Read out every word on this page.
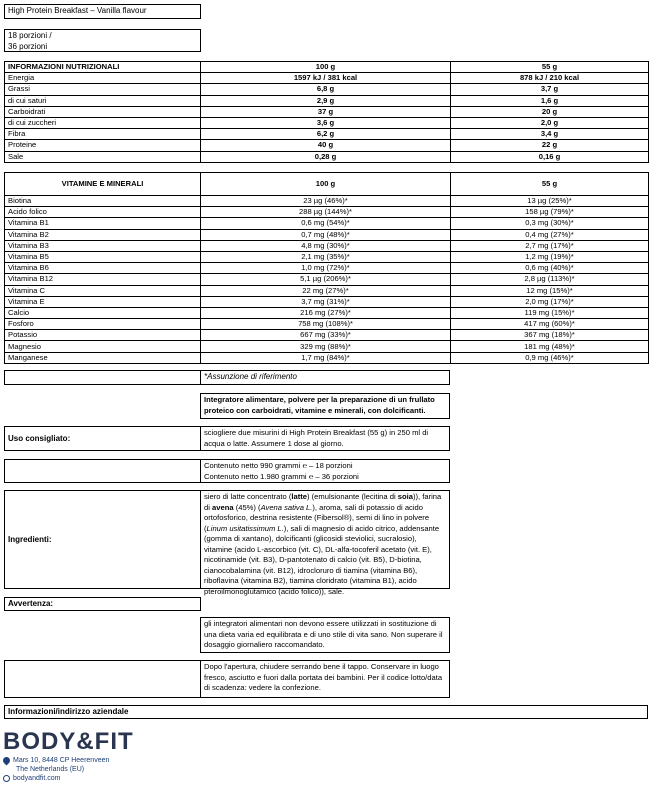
High Protein Breakfast – Vanilla flavour
18 porzioni /
36 porzioni
INFORMAZIONI NUTRIZIONALI	100 g	55 g
Energia	1597 kJ / 381 kcal	878 kJ / 210 kcal
Grassi	6,8 g	3,7 g
di cui saturi	2,9 g	1,6 g
Carboidrati	37 g	20 g
di cui zuccheri	3,6 g	2,0 g
Fibra	6,2 g	3,4 g
Proteine	40 g	22 g
Sale	0,28 g	0,16 g
VITAMINE E MINERALI	100 g	55 g
Biotina	23 µg (46%)*	13 µg (25%)*
Acido folico	288 µg (144%)*	158 µg (79%)*
Vitamina B1	0,6 mg (54%)*	0,3 mg (30%)*
Vitamina B2	0,7 mg (48%)*	0,4 mg (27%)*
Vitamina B3	4,8 mg (30%)*	2,7 mg (17%)*
Vitamina B5	2,1 mg (35%)*	1,2 mg (19%)*
Vitamina B6	1,0 mg (72%)*	0,6 mg (40%)*
Vitamina B12	5,1 µg (206%)*	2,8 µg (113%)*
Vitamina C	22 mg (27%)*	12 mg (15%)*
Vitamina E	3,7 mg (31%)*	2,0 mg (17%)*
Calcio	216 mg (27%)*	119 mg (15%)*
Fosforo	758 mg (108%)*	417 mg (60%)*
Potassio	667 mg (33%)*	367 mg (18%)*
Magnesio	329 mg (88%)*	181 mg (48%)*
Manganese	1,7 mg (84%)*	0,9 mg (46%)*
*Assunzione di riferimento
Integratore alimentare, polvere per la preparazione di un frullato proteico con carboidrati, vitamine e minerali, con dolcificanti.
Uso consigliato:
sciogliere due misurini di High Protein Breakfast (55 g) in 250 ml di acqua o latte. Assumere 1 dose al giorno.
Contenuto netto 990 grammi ℮ – 18 porzioni
Contenuto netto 1.980 grammi ℮ – 36 porzioni
Ingredienti:
siero di latte concentrato (latte) (emulsionante (lecitina di soia)), farina di avena (45%) (Avena sativa L.), aroma, sali di potassio di acido ortofosforico, destrina resistente (Fibersol®), semi di lino in polvere (Linum usitatissimum L.), sali di magnesio di acido citrico, addensante (gomma di xantano), dolcificanti (glicosidi steviolici, sucralosio), vitamine (acido L-ascorbico (vit. C), DL-alfa-tocoferil acetato (vit. E), nicotinamide (vit. B3), D-pantotenato di calcio (vit. B5), D-biotina, cianocobalamina (vit. B12), idrocloruro di tiamina (vitamina B6), riboflavina (vitamina B2), tiamina cloridrato (vitamina B1), acido pteroilmonoglutamico (acido folico)), sale.
Avvertenza:
gli integratori alimentari non devono essere utilizzati in sostituzione di una dieta varia ed equilibrata e di uno stile di vita sano. Non superare il dosaggio giornaliero raccomandato.
Dopo l'apertura, chiudere serrando bene il tappo. Conservare in luogo fresco, asciutto e fuori dalla portata dei bambini. Per il codice lotto/data di scadenza: vedere la confezione.
Informazioni/indirizzo aziendale
BODY&FIT
Mars 10, 8448 CP Heerenveen
The Netherlands (EU)
bodyandfit.com
